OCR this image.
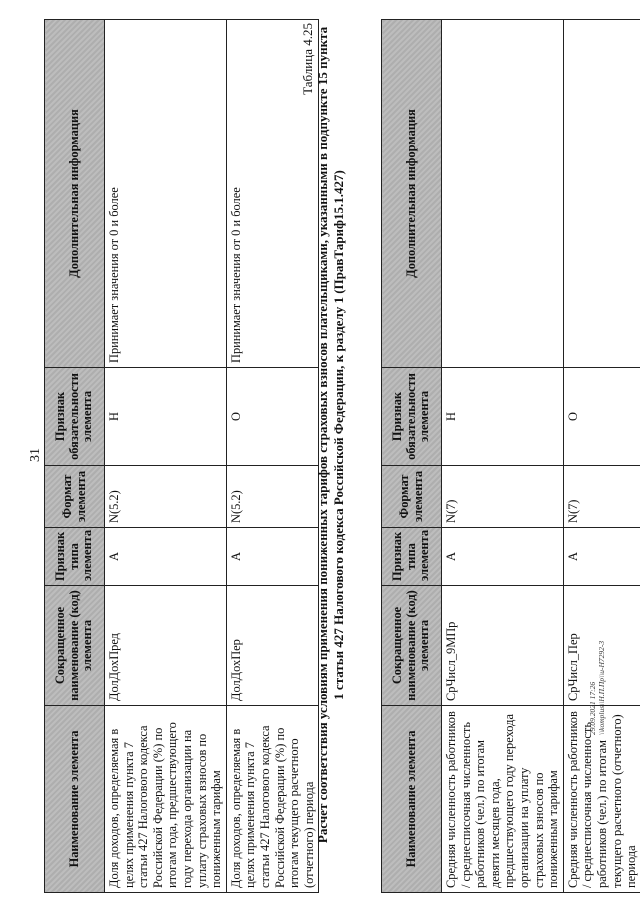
31
Наименование элемента	Сокращенное наименование (код) элемента	Признак типа элемента	Формат элемента	Признак обязательности элемента	Дополнительная информация
Доля доходов, определяемая в целях применения пункта 7 статьи 427 Налогового кодекса Российской Федерации (%) по итогам года, предшествующего году перехода организации на уплату страховых взносов по пониженным тарифам	ДолДохПред	А	N(5.2)	Н	Принимает значения от 0 и более
Доля доходов, определяемая в целях применения пункта 7 статьи 427 Налогового кодекса Российской Федерации (%) по итогам текущего расчетного (отчетного) периода	ДолДохПер	А	N(5.2)	О	Принимает значения от 0 и более
Таблица 4.25 Расчет соответствия условиям применения пониженных тарифов страховых взносов плательщиками, указанными в подпункте 15 пункта 1 статьи 427 Налогового кодекса Российской Федерации, к разделу 1 (ПравТариф15.1.427)
Наименование элемента	Сокращенное наименование (код) элемента	Признак типа элемента	Формат элемента	Признак обязательности элемента	Дополнительная информация
Средняя численность работников / среднесписочная численность работников (чел.) по итогам девяти месяцев года, предшествующего году перехода организации на уплату страховых взносов по пониженным тарифам	СрЧисл_9МПр	А	N(7)	Н	
Средняя численность работников / среднесписочная численность работников (чел.) по итогам текущего расчетного (отчетного) периода	СрЧисл_Пер	А	N(7)	О	
29.09.2021 17:26 \\komplus\\Н.П.Пр\\и-Н7292-3
